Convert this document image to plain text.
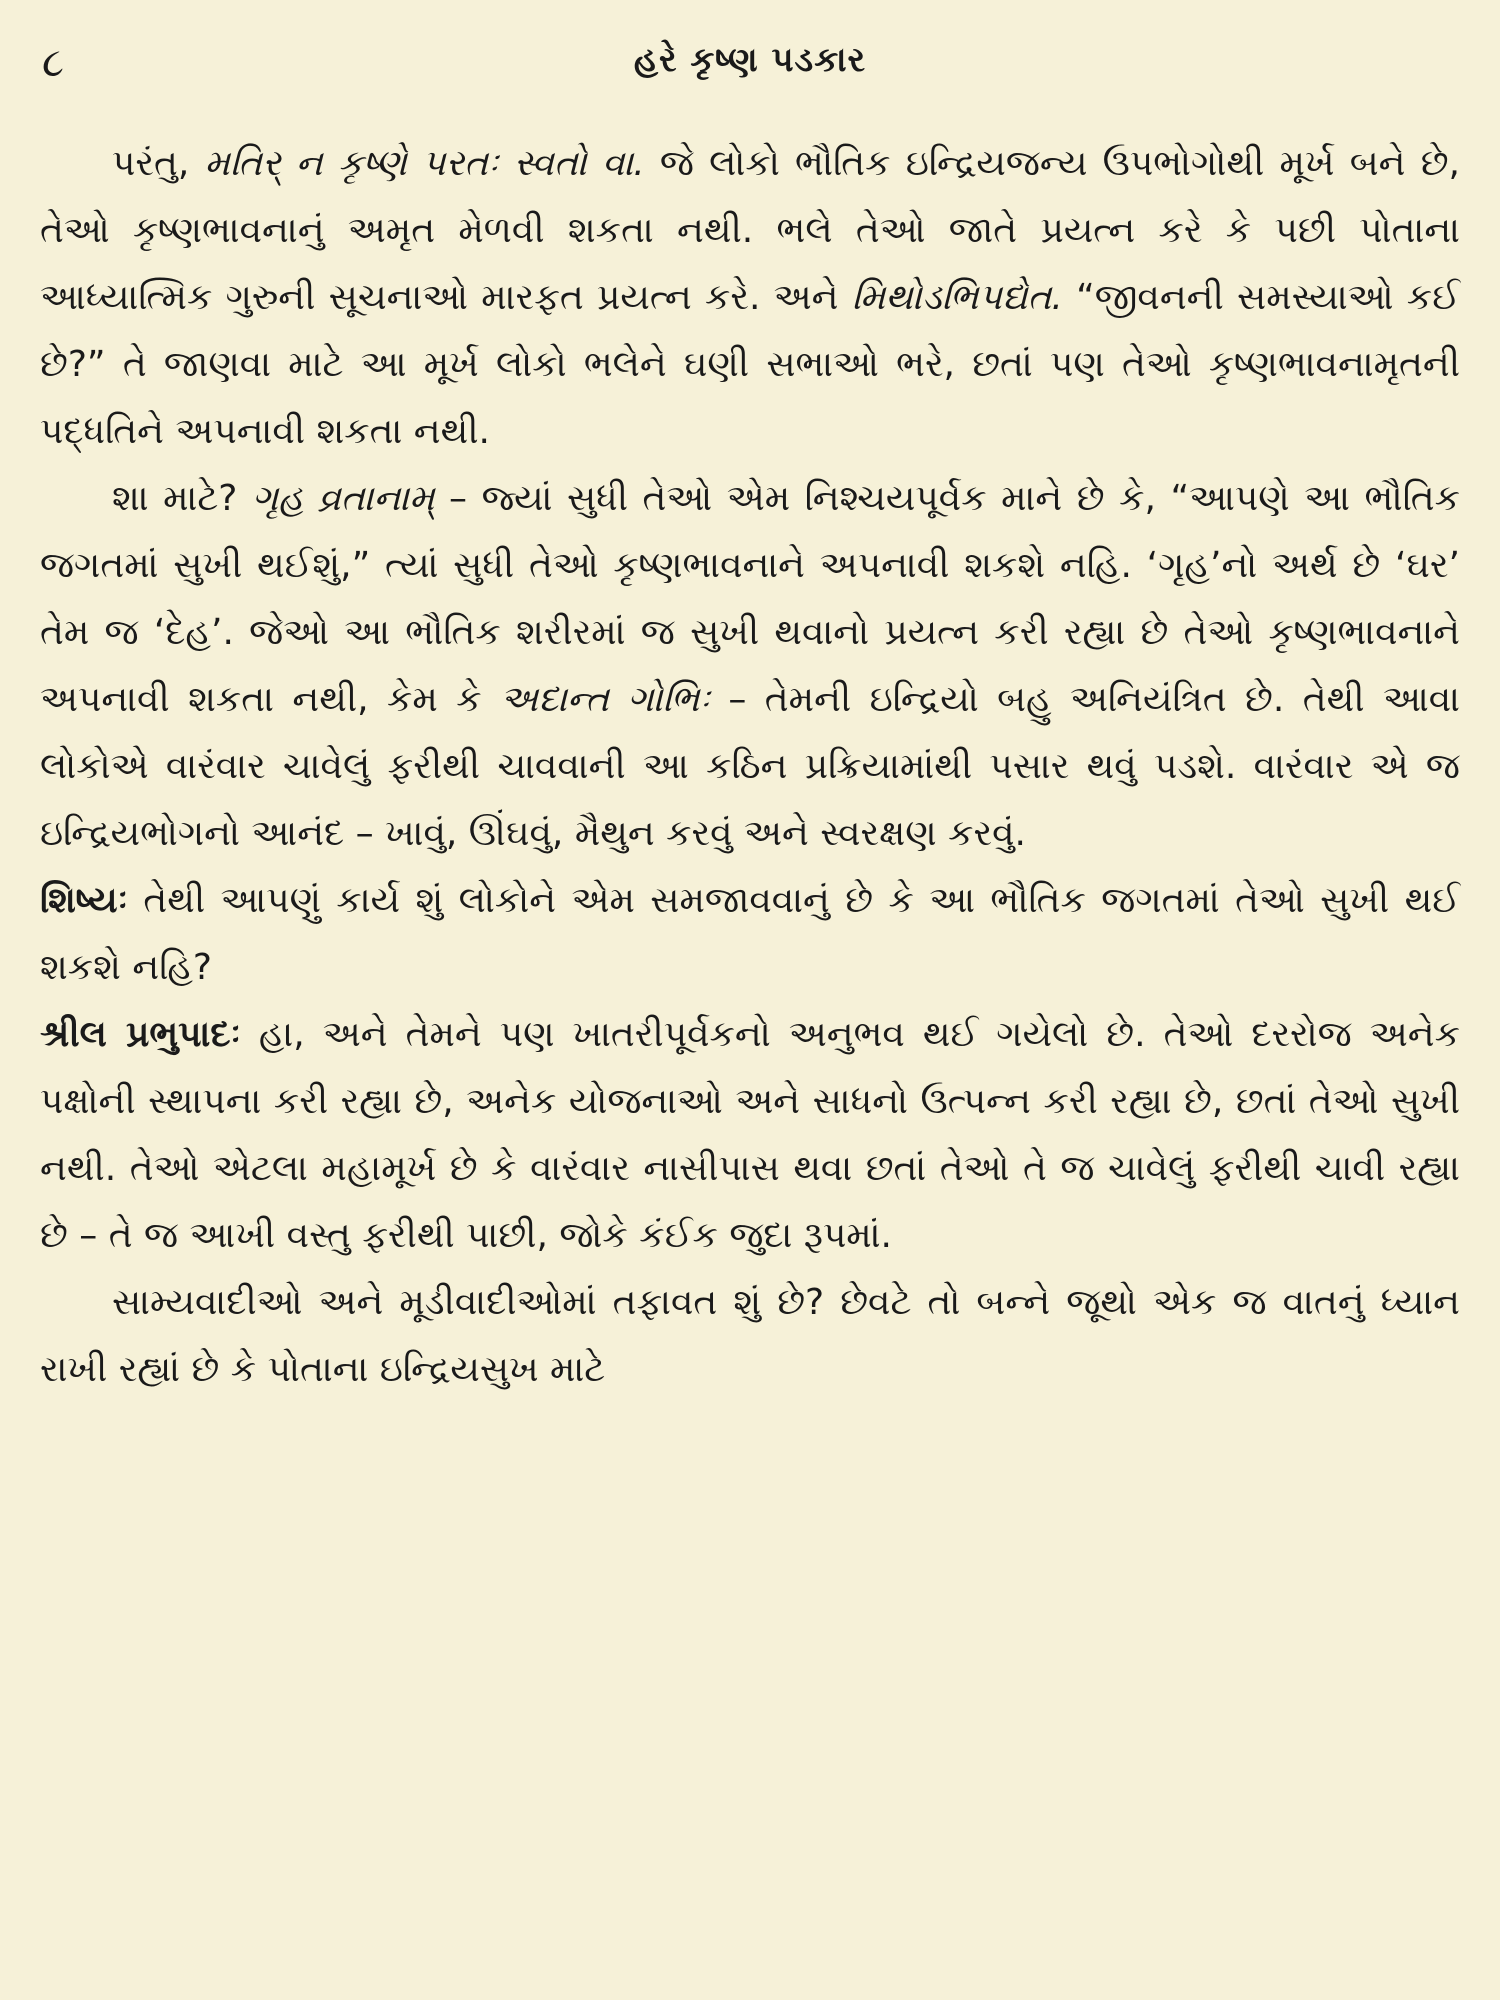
૮	હરે કૃષ્ણ પડકાર

પરંતુ, મતિર્ ન કૃષ્ણે પરતઃ સ્વતો વા. જે લોકો ભૌતિક ઇન્દ્રિયજન્ય ઉપભોગોથી મૂર્ખ બને છે, તેઓ કૃષ્ણભાવનાનું અમૃત મેળવી શકતા નથી. ભલે તેઓ જાતે પ્રયત્ન કરે કે પછી પોતાના આધ્યાત્મિક ગુરુની સૂચનાઓ મારફત પ્રયત્ન કરે. અને મિથોડભિપદ્યેત. “જીવનની સમસ્યાઓ કઈ છે?” તે જાણવા માટે આ મૂર્ખ લોકો ભલેને ઘણી સભાઓ ભરે, છતાં પણ તેઓ કૃષ્ણભાવનામૃતની પદ્ધતિને અપનાવી શકતા નથી.

શા માટે? ગૃહ વ્રતાનામ્ – જ્યાં સુધી તેઓ એમ નિશ્ચયપૂર્વક માને છે કે, “આપણે આ ભૌતિક જગતમાં સુખી થઈશું,” ત્યાં સુધી તેઓ કૃષ્ણભાવનાને અપનાવી શકશે નહિ. ‘ગૃહ’નો અર્થ છે ‘ઘર’ તેમ જ ‘દેહ’. જેઓ આ ભૌતિક શરીરમાં જ સુખી થવાનો પ્રયત્ન કરી રહ્યા છે તેઓ કૃષ્ણભાવનાને અપનાવી શકતા નથી, કેમ કે અદાન્ત ગોભિઃ – તેમની ઇન્દ્રિયો બહુ અનિયંત્રિત છે. તેથી આવા લોકોએ વારંવાર ચાવેલું ફરીથી ચાવવાની આ કઠિન પ્રક્રિયામાંથી પસાર થવું પડશે. વારંવાર એ જ ઇન્દ્રિયભોગનો આનંદ – ખાવું, ઊંઘવું, મૈથુન કરવું અને સ્વરક્ષણ કરવું.

શિષ્યઃ તેથી આપણું કાર્ય શું લોકોને એમ સમજાવવાનું છે કે આ ભૌતિક જગતમાં તેઓ સુખી થઈ શકશે નહિ?

શ્રીલ પ્રભુપાદઃ હા, અને તેમને પણ ખાતરીપૂર્વકનો અનુભવ થઈ ગયેલો છે. તેઓ દરરોજ અનેક પક્ષોની સ્થાપના કરી રહ્યા છે, અનેક યોજનાઓ અને સાધનો ઉત્પન્ન કરી રહ્યા છે, છતાં તેઓ સુખી નથી. તેઓ એટલા મહામૂર્ખ છે કે વારંવાર નાસીપાસ થવા છતાં તેઓ તે જ ચાવેલું ફરીથી ચાવી રહ્યા છે – તે જ આખી વસ્તુ ફરીથી પાછી, જોકે કંઈક જુદા રૂપમાં.

સામ્યવાદીઓ અને મૂડીવાદીઓમાં તફાવત શું છે? છેવટે તો બન્ને જૂથો એક જ વાતનું ધ્યાન રાખી રહ્યાં છે કે પોતાના ઇન્દ્રિયસુખ માટે
